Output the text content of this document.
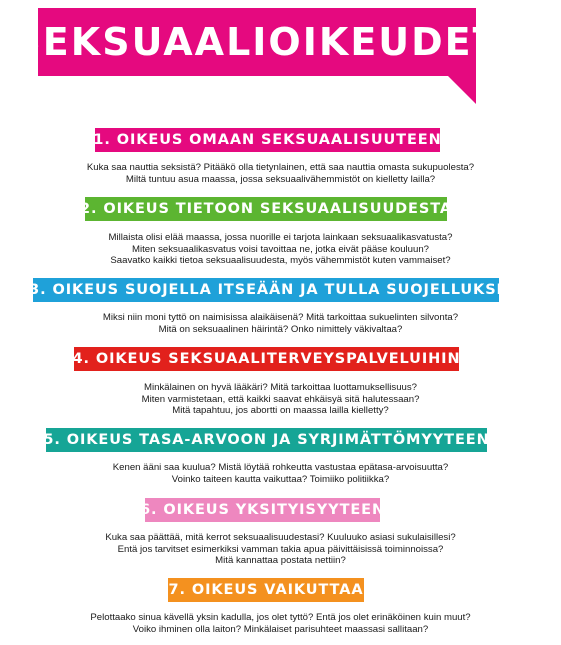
SEKSUAALIOIKEUDET
1. OIKEUS OMAAN SEKSUAALISUUTEEN
Kuka saa nauttia seksistä? Pitääkö olla tietynlainen, että saa nauttia omasta sukupuolesta?
Miltä tuntuu asua maassa, jossa seksuaalivähemmistöt on kielletty lailla?
2. OIKEUS TIETOON SEKSUAALISUUDESTA
Millaista olisi elää maassa, jossa nuorille ei tarjota lainkaan seksuaalikasvatusta?
Miten seksuaalikasvatus voisi tavoittaa ne, jotka eivät pääse kouluun?
Saavatko kaikki tietoa seksuaalisuudesta, myös vähemmistöt kuten vammaiset?
3. OIKEUS SUOJELLA ITSEÄÄN JA TULLA SUOJELLUKSI
Miksi niin moni tyttö on naimisissa alaikäisenä? Mitä tarkoittaa sukuelinten silvonta?
Mitä on seksuaalinen häirintä? Onko nimittely väkivaltaa?
4. OIKEUS SEKSUAALITERVEYSPALVELUIHIN
Minkälainen on hyvä lääkäri? Mitä tarkoittaa luottamuksellisuus?
Miten varmistetaan, että kaikki saavat ehkäisyä sitä halutessaan?
Mitä tapahtuu, jos abortti on maassa lailla kielletty?
5. OIKEUS TASA-ARVOON JA SYRJIMÄTTÖMYYTEEN
Kenen ääni saa kuulua? Mistä löytää rohkeutta vastustaa epätasa-arvoisuutta?
Voinko taiteen kautta vaikuttaa? Toimiiko politiikka?
6. OIKEUS YKSITYISYYTEEN
Kuka saa päättää, mitä kerrot seksuaalisuudestasi? Kuuluuko asiasi sukulaisillesi?
Entä jos tarvitset esimerkiksi vamman takia apua päivittäisissä toiminnoissa?
Mitä kannattaa postata nettiin?
7. OIKEUS VAIKUTTAA
Pelottaako sinua kävellä yksin kadulla, jos olet tyttö? Entä jos olet erinäköinen kuin muut?
Voiko ihminen olla laiton? Minkälaiset parisuhteet maassasi sallitaan?
